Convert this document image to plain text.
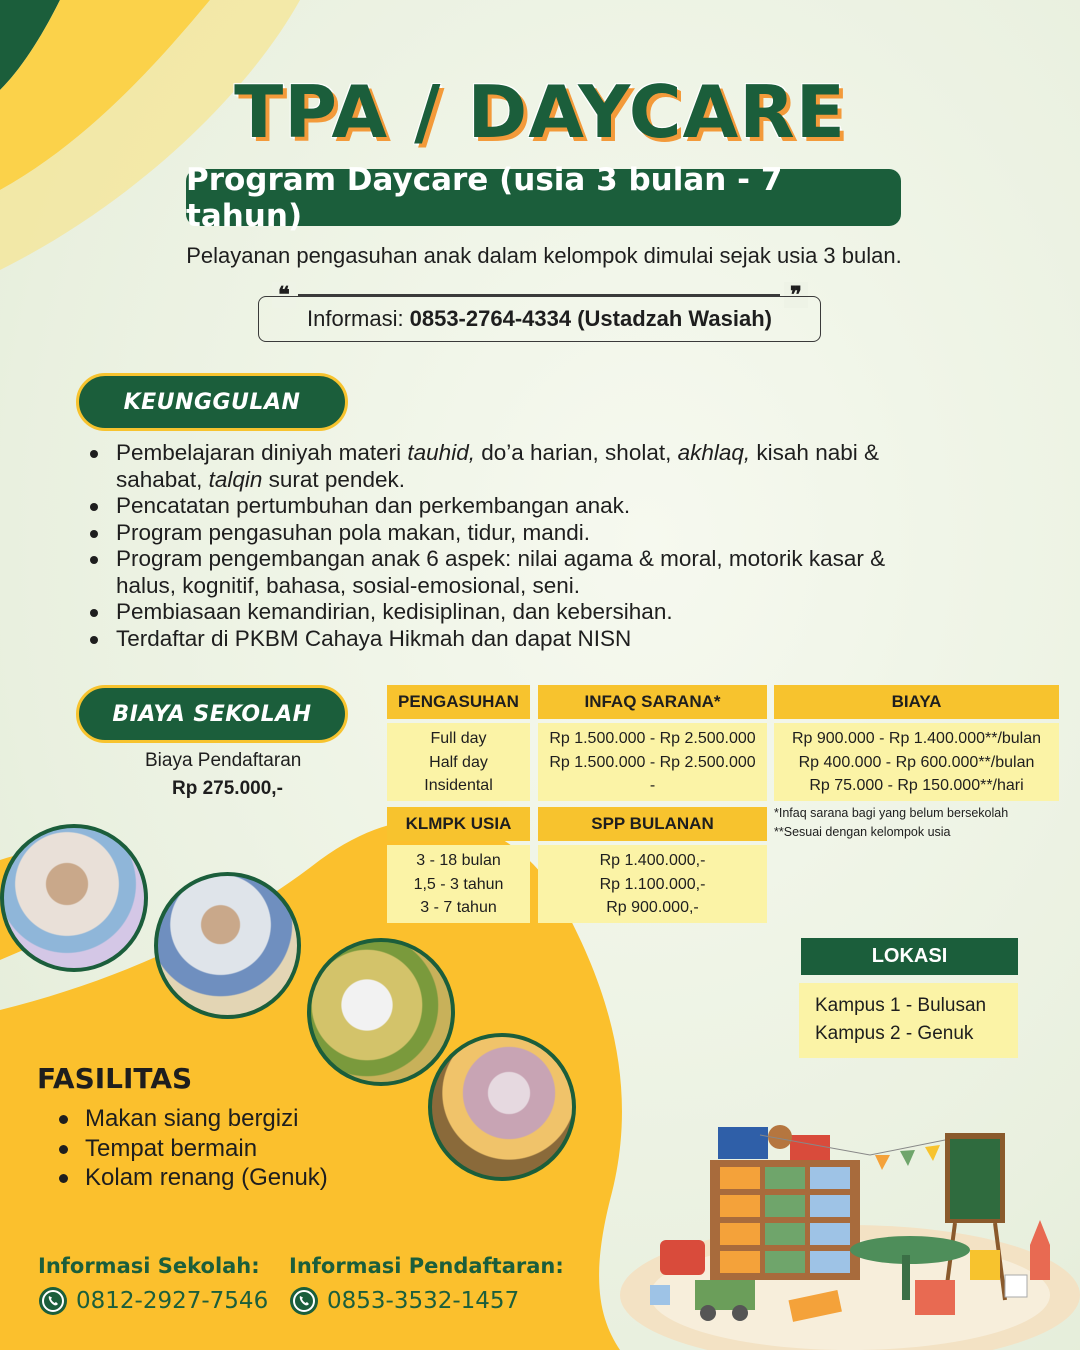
TPA / DAYCARE
Program Daycare (usia 3 bulan - 7 tahun)
Pelayanan pengasuhan anak dalam kelompok dimulai sejak usia 3 bulan.
❝	❞
Informasi: 0853-2764-4334 (Ustadzah Wasiah)
KEUNGGULAN
Pembelajaran diniyah materi tauhid, do’a harian, sholat, akhlaq, kisah nabi & sahabat, talqin surat pendek.
Pencatatan pertumbuhan dan perkembangan anak.
Program pengasuhan pola makan, tidur, mandi.
Program pengembangan anak 6 aspek: nilai agama & moral, motorik kasar & halus, kognitif, bahasa, sosial-emosional, seni.
Pembiasaan kemandirian, kedisiplinan, dan kebersihan.
Terdaftar di PKBM Cahaya Hikmah dan dapat NISN
BIAYA SEKOLAH
Biaya Pendaftaran
Rp 275.000,-
PENGASUHAN
Full day
Half day
Insidental
INFAQ SARANA*
Rp 1.500.000 - Rp 2.500.000
Rp 1.500.000 - Rp 2.500.000
-
BIAYA
Rp 900.000 - Rp 1.400.000**/bulan
Rp 400.000 - Rp 600.000**/bulan
Rp 75.000 - Rp 150.000**/hari
*Infaq sarana bagi yang belum bersekolah
**Sesuai dengan kelompok usia
KLMPK USIA
3 - 18 bulan
1,5 - 3 tahun
3 - 7 tahun
SPP BULANAN
Rp 1.400.000,-
Rp 1.100.000,-
Rp 900.000,-
LOKASI
Kampus 1 - Bulusan
Kampus 2 - Genuk
FASILITAS
Makan siang bergizi
Tempat bermain
Kolam renang (Genuk)
Informasi Sekolah: Informasi Pendaftaran:
0812-2927-7546	0853-3532-1457
